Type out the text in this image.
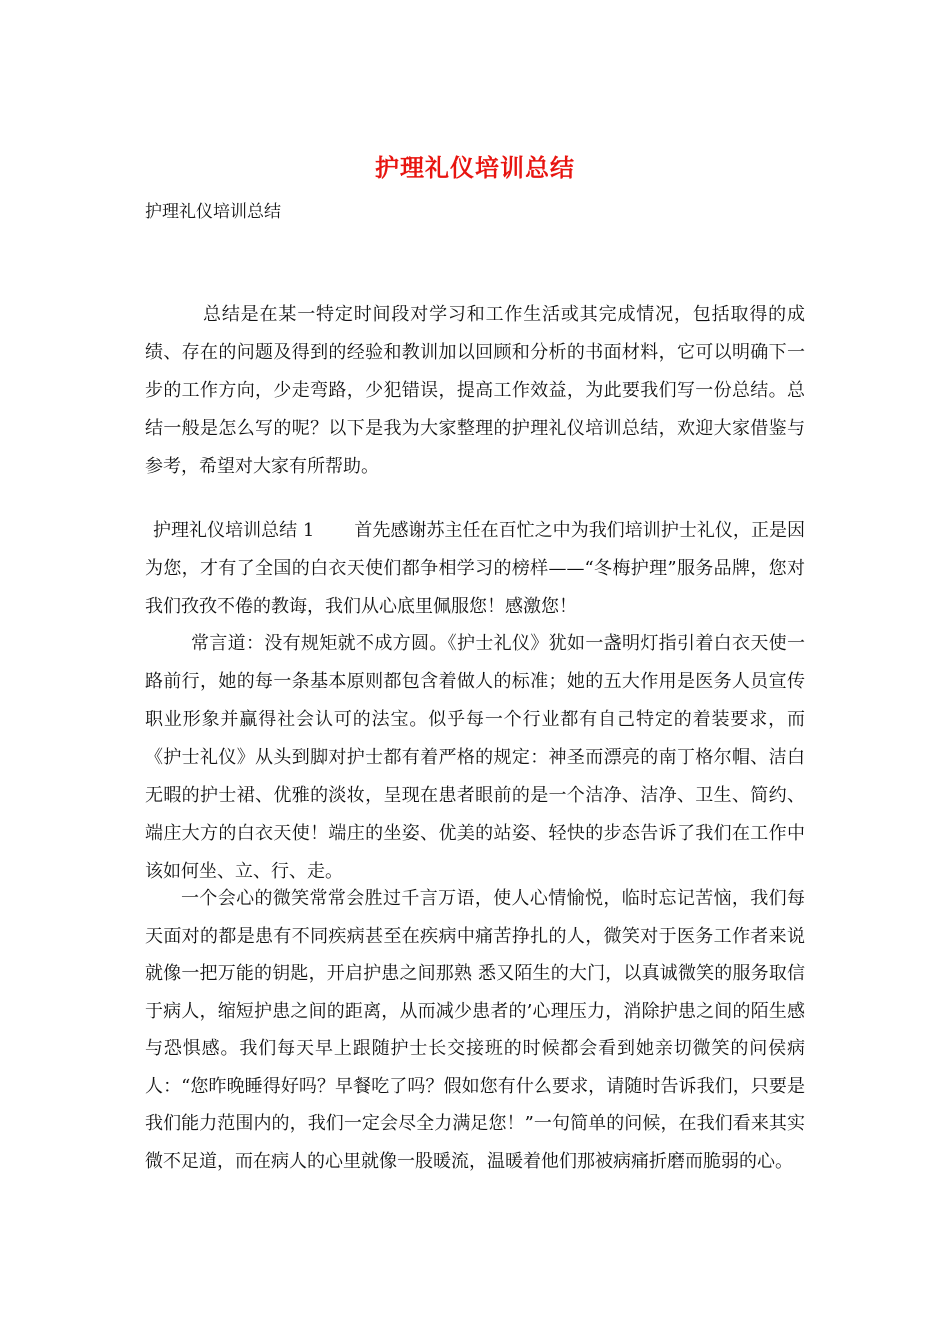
护理礼仪培训总结
护理礼仪培训总结

总结是在某一特定时间段对学习和工作生活或其完成情况，包括取得的成绩、存在的问题及得到的经验和教训加以回顾和分析的书面材料，它可以明确下一步的工作方向，少走弯路，少犯错误，提高工作效益，为此要我们写一份总结。总结一般是怎么写的呢？以下是我为大家整理的护理礼仪培训总结，欢迎大家借鉴与参考，希望对大家有所帮助。

护理礼仪培训总结 1 首先感谢苏主任在百忙之中为我们培训护士礼仪，正是因为您，才有了全国的白衣天使们都争相学习的榜样——“冬梅护理”服务品牌，您对我们孜孜不倦的教诲，我们从心底里佩服您！感激您！

常言道：没有规矩就不成方圆。《护士礼仪》犹如一盏明灯指引着白衣天使一路前行，她的每一条基本原则都包含着做人的标准；她的五大作用是医务人员宣传职业形象并赢得社会认可的法宝。似乎每一个行业都有自己特定的着装要求，而《护士礼仪》从头到脚对护士都有着严格的规定：神圣而漂亮的南丁格尔帽、洁白无暇的护士裙、优雅的淡妆，呈现在患者眼前的是一个洁净、洁净、卫生、简约、端庄大方的白衣天使！端庄的坐姿、优美的站姿、轻快的步态告诉了我们在工作中该如何坐、立、行、走。

一个会心的微笑常常会胜过千言万语，使人心情愉悦，临时忘记苦恼，我们每天面对的都是患有不同疾病甚至在疾病中痛苦挣扎的人，微笑对于医务工作者来说就像一把万能的钥匙，开启护患之间那熟 悉又陌生的大门，以真诚微笑的服务取信于病人，缩短护患之间的距离，从而减少患者的’心理压力，消除护患之间的陌生感与恐惧感。我们每天早上跟随护士长交接班的时候都会看到她亲切微笑的问侯病人：“您昨晚睡得好吗？早餐吃了吗？假如您有什么要求，请随时告诉我们，只要是我们能力范围内的，我们一定会尽全力满足您！”一句简单的问候，在我们看来其实微不足道，而在病人的心里就像一股暖流，温暖着他们那被病痛折磨而脆弱的心。
